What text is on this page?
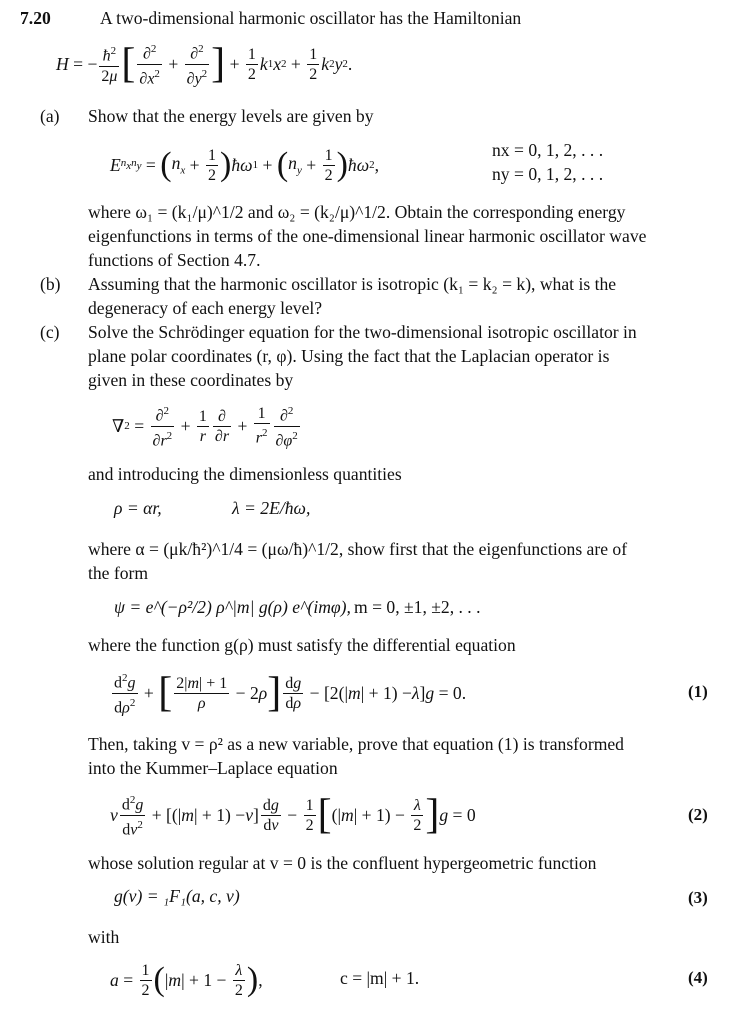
7.20	A two-dimensional harmonic oscillator has the Hamiltonian
H = − $\frac{ħ^2}{2\mu}$ [ $\frac{\partial^2}{\partial x^2} + \frac{\partial^2}{\partial y^2}$ ] + $\frac{1}{2}$ k 1 x $2 + \frac{1}{2}$ k 2 y 2 .
(a) Show that the energy levels are given by
E $n_xn_y$ = ( $n_x + \frac{1}{2}$ ) ħω 1 + ( $n_y + \frac{1}{2}$ ) ħω 2 ,
nx = 0, 1, 2, . . .
ny = 0, 1, 2, . . .
where ω₁ = (k₁/μ)^1/2 and ω₂ = (k₂/μ)^1/2. Obtain the corresponding energy
eigenfunctions in terms of the one-dimensional linear harmonic oscillator wave
functions of Section 4.7.
(b) Assuming that the harmonic oscillator is isotropic (k₁ = k₂ = k), what is the
degeneracy of each energy level?
(c) Solve the Schrödinger equation for the two-dimensional isotropic oscillator in
plane polar coordinates (r, φ). Using the fact that the Laplacian operator is
given in these coordinates by
∇ $2 = \frac{\partial^2}{\partial r^2} + \frac{1}{r} \frac{\partial}{\partial r} + \frac{1}{r^2} \frac{\partial^2}{\partial\varphi^2}$
and introducing the dimensionless quantities
ρ = αr,	λ = 2E/ħω,
where α = (μk/ħ²)^1/4 = (μω/ħ)^1/2, show first that the eigenfunctions are of
the form
ψ = e^(−ρ²/2) ρ^|m| g(ρ) e^(imφ), m = 0, ±1, ±2, . . .
where the function g(ρ) must satisfy the differential equation
$\frac{d^2g}{d\rho^2}$ + [ $\frac{2|m| + 1}{\rho} - 2$ ρ ] $\frac{dg}{d\rho} - [2(|$ m | + 1) − λ ] g = 0.	(1)
Then, taking v = ρ² as a new variable, prove that equation (1) is transformed
into the Kummer–Laplace equation
v $\frac{d^2g}{dv^2}$ + [(| m | + 1) − v ] $\frac{dg}{dv} - \frac{1}{2}$ [ (| m | + $1) - \frac{\lambda}{2}$ ] g = 0	(2)
whose solution regular at v = 0 is the confluent hypergeometric function
g(v) = ₁F₁(a, c, v)	(3)
with
$a = \frac{1}{2}$ ( | m | + $1 - \frac{\lambda}{2}$ ) ,	c = |m| + 1.	(4)
